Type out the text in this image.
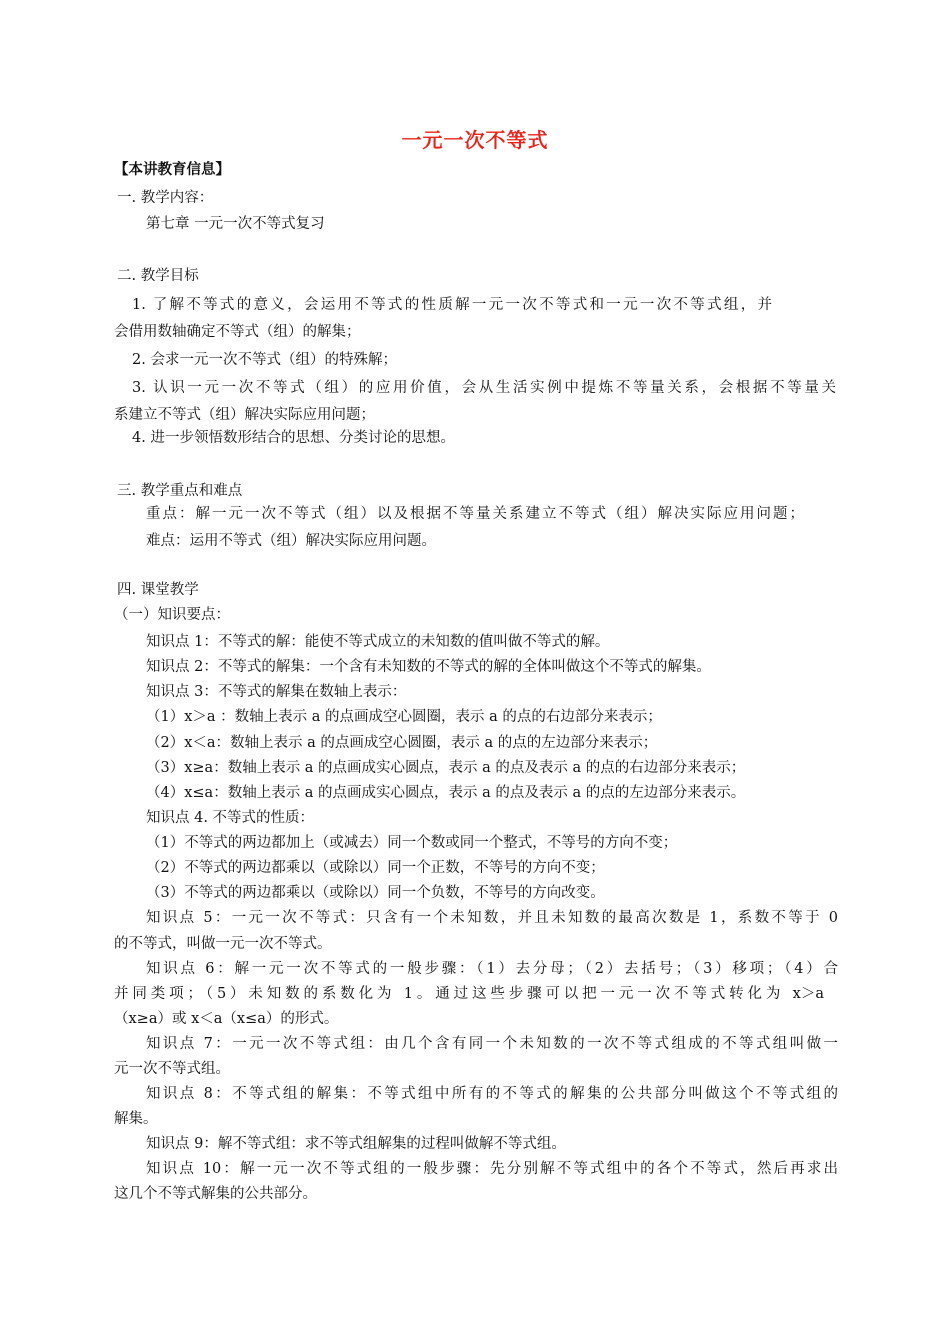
一元一次不等式
【本讲教育信息】
一. 教学内容：
第七章 一元一次不等式复习
二. 教学目标
1. 了解不等式的意义，会运用不等式的性质解一元一次不等式和一元一次不等式组，并
会借用数轴确定不等式（组）的解集；
2. 会求一元一次不等式（组）的特殊解；
3. 认识一元一次不等式（组）的应用价值，会从生活实例中提炼不等量关系，会根据不等量关
系建立不等式（组）解决实际应用问题；
4. 进一步领悟数形结合的思想、分类讨论的思想。
三. 教学重点和难点
重点：解一元一次不等式（组）以及根据不等量关系建立不等式（组）解决实际应用问题；
难点：运用不等式（组）解决实际应用问题。
四. 课堂教学
（一）知识要点：
知识点 1：不等式的解：能使不等式成立的未知数的值叫做不等式的解。
知识点 2：不等式的解集：一个含有未知数的不等式的解的全体叫做这个不等式的解集。
知识点 3：不等式的解集在数轴上表示：
（1）x＞a ：数轴上表示 a 的点画成空心圆圈，表示 a 的点的右边部分来表示；
（2）x＜a：数轴上表示 a 的点画成空心圆圈，表示 a 的点的左边部分来表示；
（3）x≥a：数轴上表示 a 的点画成实心圆点，表示 a 的点及表示 a 的点的右边部分来表示；
（4）x≤a：数轴上表示 a 的点画成实心圆点，表示 a 的点及表示 a 的点的左边部分来表示。
知识点 4. 不等式的性质：
（1）不等式的两边都加上（或减去）同一个数或同一个整式，不等号的方向不变；
（2）不等式的两边都乘以（或除以）同一个正数，不等号的方向不变；
（3）不等式的两边都乘以（或除以）同一个负数，不等号的方向改变。
知识点 5：一元一次不等式：只含有一个未知数，并且未知数的最高次数是 1，系数不等于 0
的不等式，叫做一元一次不等式。
知识点 6：解一元一次不等式的一般步骤：（1）去分母；（2）去括号；（3）移项；（4）合
并同类项；（5）未知数的系数化为 1。通过这些步骤可以把一元一次不等式转化为 x＞a
（x≥a）或 x＜a（x≤a）的形式。
知识点 7：一元一次不等式组：由几个含有同一个未知数的一次不等式组成的不等式组叫做一
元一次不等式组。
知识点 8：不等式组的解集：不等式组中所有的不等式的解集的公共部分叫做这个不等式组的
解集。
知识点 9：解不等式组：求不等式组解集的过程叫做解不等式组。
知识点 10：解一元一次不等式组的一般步骤：先分别解不等式组中的各个不等式，然后再求出
这几个不等式解集的公共部分。
